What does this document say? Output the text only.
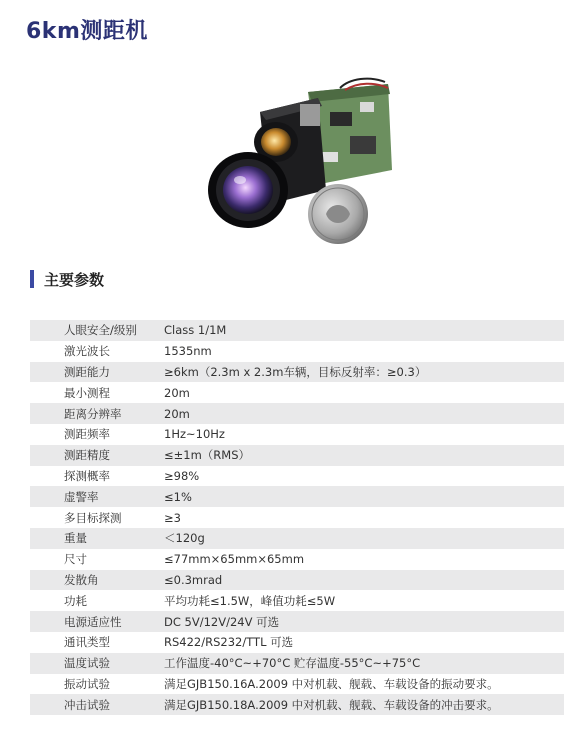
6km测距机
主要参数
人眼安全/级别	Class 1/1M
激光波长	1535nm
测距能力	≥6km（2.3m x 2.3m车辆，目标反射率：≥0.3）
最小测程	20m
距离分辨率	20m
测距频率	1Hz~10Hz
测距精度	≤±1m（RMS）
探测概率	≥98%
虚警率	≤1%
多目标探测	≥3
重量	＜120g
尺寸	≤77mm×65mm×65mm
发散角	≤0.3mrad
功耗	平均功耗≤1.5W，峰值功耗≤5W
电源适应性	DC 5V/12V/24V 可选
通讯类型	RS422/RS232/TTL 可选
温度试验	工作温度-40°C~+70°C 贮存温度-55°C~+75°C
振动试验	满足GJB150.16A.2009 中对机载、舰载、车载设备的振动要求。
冲击试验	满足GJB150.18A.2009 中对机载、舰载、车载设备的冲击要求。
